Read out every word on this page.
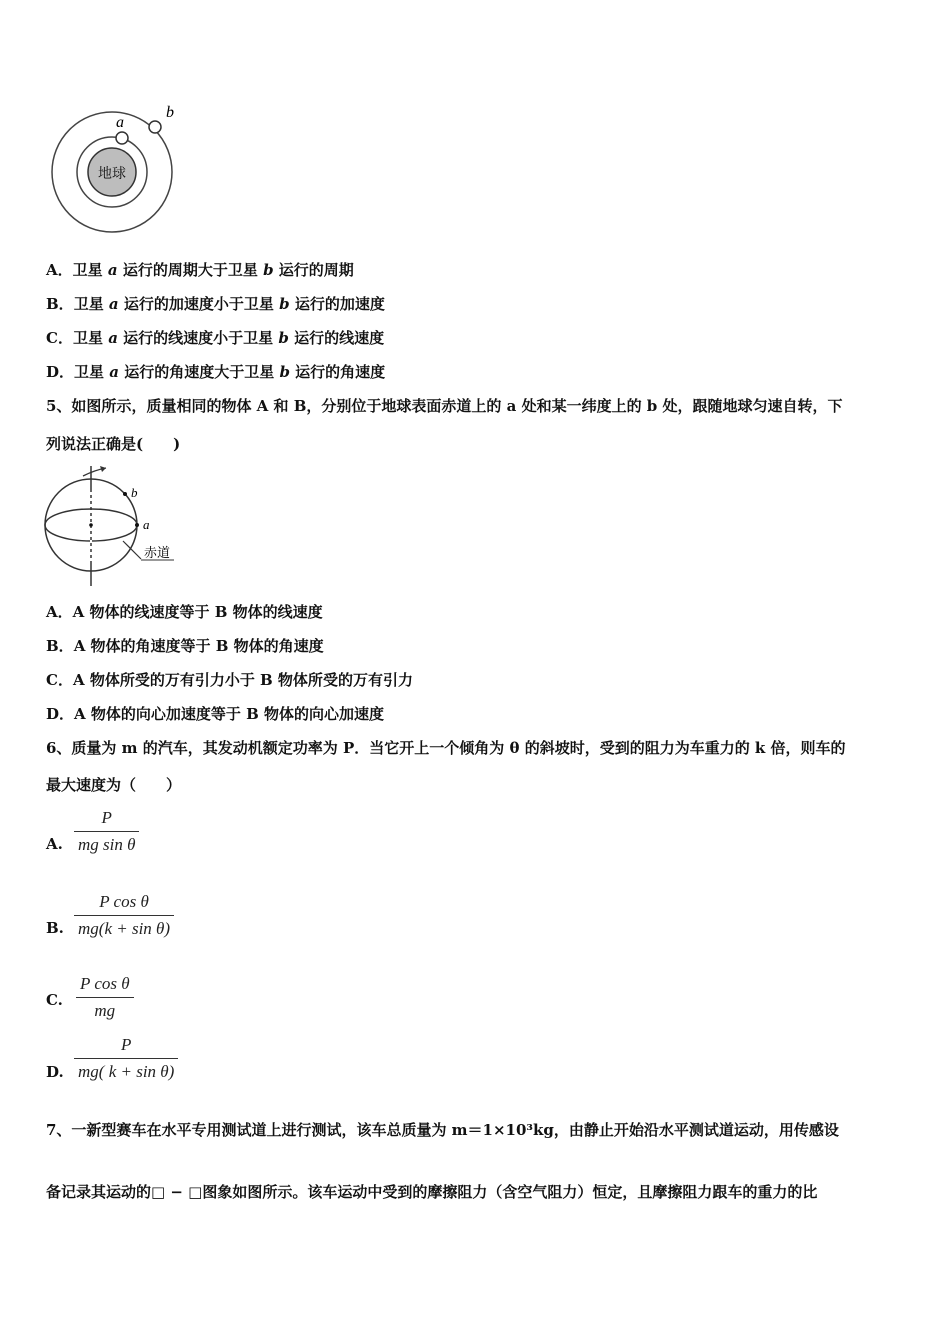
地球
a
b
A．卫星 a 运行的周期大于卫星 b 运行的周期
B．卫星 a 运行的加速度小于卫星 b 运行的加速度
C．卫星 a 运行的线速度小于卫星 b 运行的线速度
D．卫星 a 运行的角速度大于卫星 b 运行的角速度
5、如图所示，质量相同的物体 A 和 B，分别位于地球表面赤道上的 a 处和某一纬度上的 b 处，跟随地球匀速自转，下
列说法正确是(　　)
b
a
赤道
A．A 物体的线速度等于 B 物体的线速度
B．A 物体的角速度等于 B 物体的角速度
C．A 物体所受的万有引力小于 B 物体所受的万有引力
D．A 物体的向心加速度等于 B 物体的向心加速度
6、质量为 m 的汽车，其发动机额定功率为 P．当它开上一个倾角为 θ 的斜坡时，受到的阻力为车重力的 k 倍，则车的
最大速度为（　　）
A. $\frac{P}{\text{mg sin θ}}$
B. $\frac{\text{P cos θ}}{\text{mg(k + sin θ)}}$
C. $\frac{\text{P cos θ}}{mg}$
D. $\frac{P}{\text{mg( k + sin θ)}}$
7、一新型赛车在水平专用测试道上进行测试，该车总质量为 m＝1×10³kg，由静止开始沿水平测试道运动，用传感设
备记录其运动的□ − □图象如图所示。该车运动中受到的摩擦阻力（含空气阻力）恒定，且摩擦阻力跟车的重力的比
